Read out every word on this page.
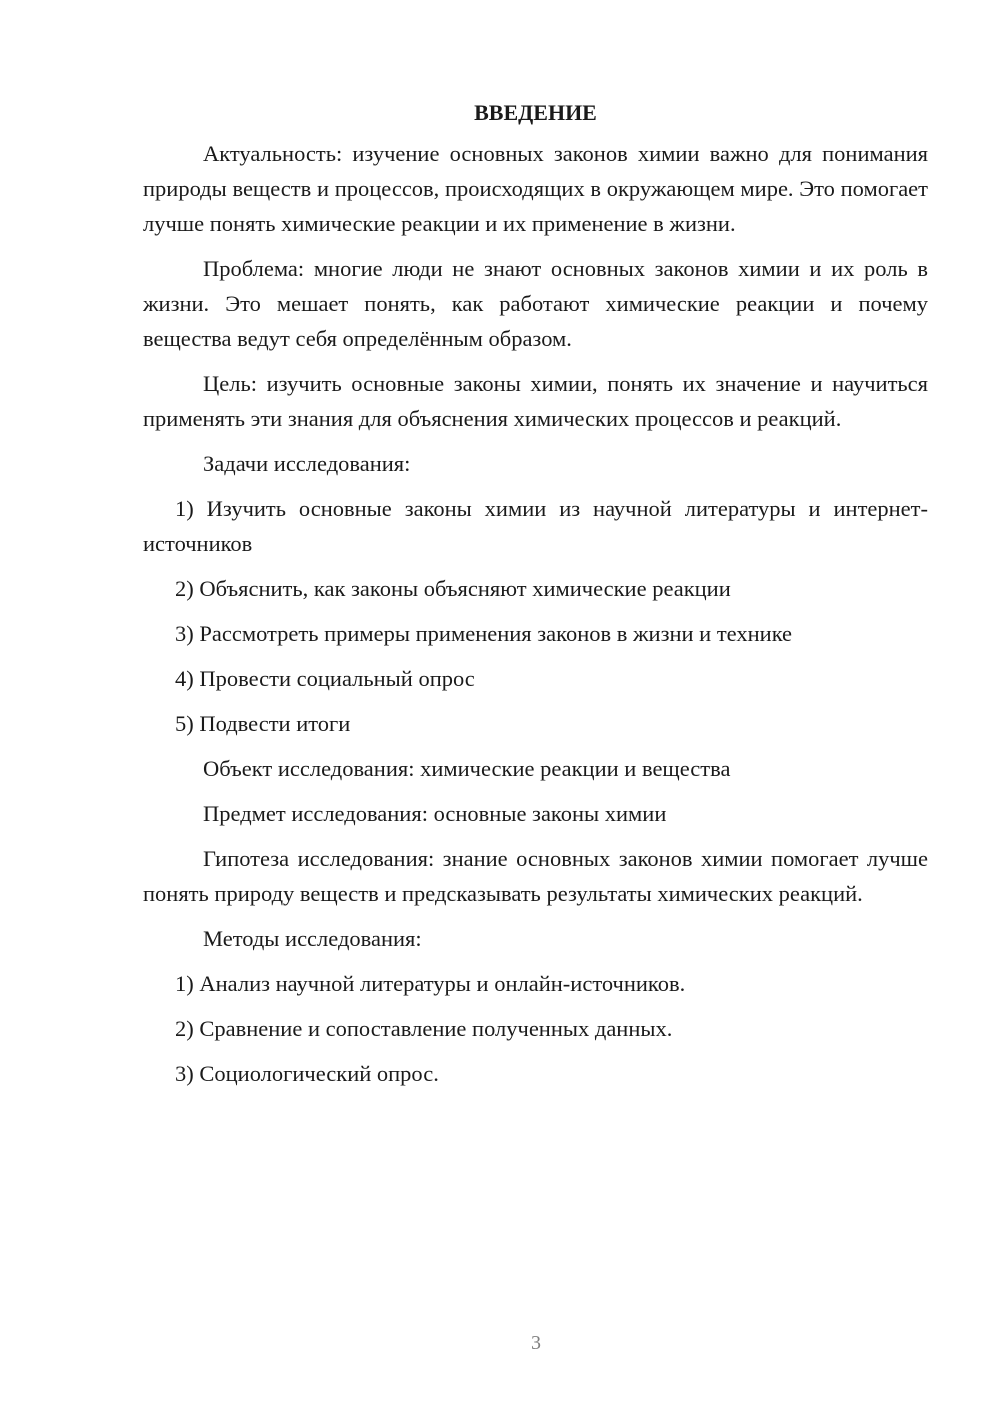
ВВЕДЕНИЕ

Актуальность: изучение основных законов химии важно для понимания природы веществ и процессов, происходящих в окружающем мире. Это помогает лучше понять химические реакции и их применение в жизни.

Проблема: многие люди не знают основных законов химии и их роль в жизни. Это мешает понять, как работают химические реакции и почему вещества ведут себя определённым образом.

Цель: изучить основные законы химии, понять их значение и научиться применять эти знания для объяснения химических процессов и реакций.

Задачи исследования:
1) Изучить основные законы химии из научной литературы и интернет-источников
2) Объяснить, как законы объясняют химические реакции
3) Рассмотреть примеры применения законов в жизни и технике
4) Провести социальный опрос
5) Подвести итоги
Объект исследования: химические реакции и вещества
Предмет исследования: основные законы химии

Гипотеза исследования: знание основных законов химии помогает лучше понять природу веществ и предсказывать результаты химических реакций.

Методы исследования:
1) Анализ научной литературы и онлайн-источников.
2) Сравнение и сопоставление полученных данных.
3) Социологический опрос.
3
